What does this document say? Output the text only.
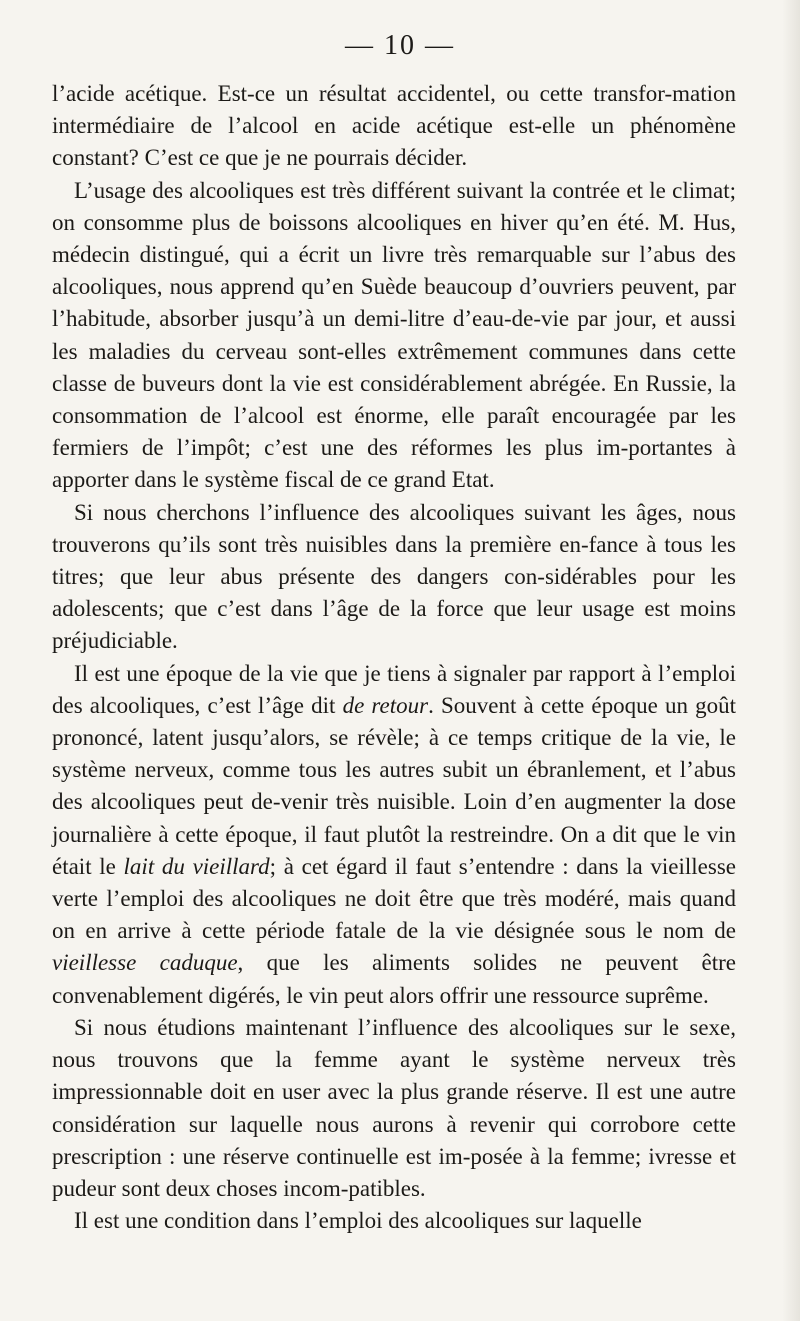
— 10 —

l’acide acétique. Est-ce un résultat accidentel, ou cette transfor-mation intermédiaire de l’alcool en acide acétique est-elle un phénomène constant? C’est ce que je ne pourrais décider.

L’usage des alcooliques est très différent suivant la contrée et le climat; on consomme plus de boissons alcooliques en hiver qu’en été. M. Hus, médecin distingué, qui a écrit un livre très remarquable sur l’abus des alcooliques, nous apprend qu’en Suède beaucoup d’ouvriers peuvent, par l’habitude, absorber jusqu’à un demi-litre d’eau-de-vie par jour, et aussi les maladies du cerveau sont-elles extrêmement communes dans cette classe de buveurs dont la vie est considérablement abrégée. En Russie, la consommation de l’alcool est énorme, elle paraît encouragée par les fermiers de l’impôt; c’est une des réformes les plus im-portantes à apporter dans le système fiscal de ce grand Etat.

Si nous cherchons l’influence des alcooliques suivant les âges, nous trouverons qu’ils sont très nuisibles dans la première en-fance à tous les titres; que leur abus présente des dangers con-sidérables pour les adolescents; que c’est dans l’âge de la force que leur usage est moins préjudiciable.

Il est une époque de la vie que je tiens à signaler par rapport à l’emploi des alcooliques, c’est l’âge dit de retour. Souvent à cette époque un goût prononcé, latent jusqu’alors, se révèle; à ce temps critique de la vie, le système nerveux, comme tous les autres subit un ébranlement, et l’abus des alcooliques peut de-venir très nuisible. Loin d’en augmenter la dose journalière à cette époque, il faut plutôt la restreindre. On a dit que le vin était le lait du vieillard; à cet égard il faut s’entendre : dans la vieillesse verte l’emploi des alcooliques ne doit être que très modéré, mais quand on en arrive à cette période fatale de la vie désignée sous le nom de vieillesse caduque, que les aliments solides ne peuvent être convenablement digérés, le vin peut alors offrir une ressource suprême.

Si nous étudions maintenant l’influence des alcooliques sur le sexe, nous trouvons que la femme ayant le système nerveux très impressionnable doit en user avec la plus grande réserve. Il est une autre considération sur laquelle nous aurons à revenir qui corrobore cette prescription : une réserve continuelle est im-posée à la femme; ivresse et pudeur sont deux choses incom-patibles.

Il est une condition dans l’emploi des alcooliques sur laquelle
